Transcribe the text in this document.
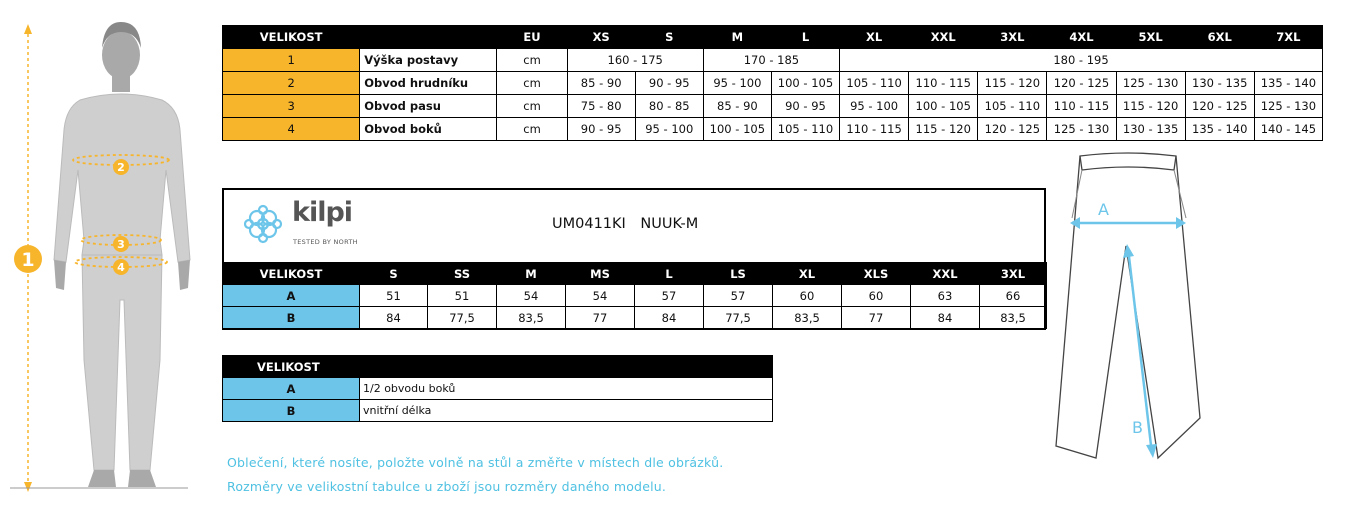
1
2
3
4
VELIKOST		EU	XS	S	M	L	XL	XXL	3XL	4XL	5XL	6XL	7XL
1	Výška postavy	cm	160 - 175		170 - 185		180 - 195						
2	Obvod hrudníku	cm	85 - 90	90 - 95	95 - 100	100 - 105	105 - 110	110 - 115	115 - 120	120 - 125	125 - 130	130 - 135	135 - 140
3	Obvod pasu	cm	75 - 80	80 - 85	85 - 90	90 - 95	95 - 100	100 - 105	105 - 110	110 - 115	115 - 120	120 - 125	125 - 130
4	Obvod boků	cm	90 - 95	95 - 100	100 - 105	105 - 110	110 - 115	115 - 120	120 - 125	125 - 130	130 - 135	135 - 140	140 - 145
kilpi
TESTED BY NORTH
UM0411KI NUUK-M
VELIKOST	S	SS	M	MS	L	LS	XL	XLS	XXL	3XL
A	51	51	54	54	57	57	60	60	63	66
B	84	77,5	83,5	77	84	77,5	83,5	77	84	83,5
VELIKOST	
A	1/2 obvodu boků
B	vnitřní délka
Oblečení, které nosíte, položte volně na stůl a změřte v místech dle obrázků.
Rozměry ve velikostní tabulce u zboží jsou rozměry daného modelu.
A
B
